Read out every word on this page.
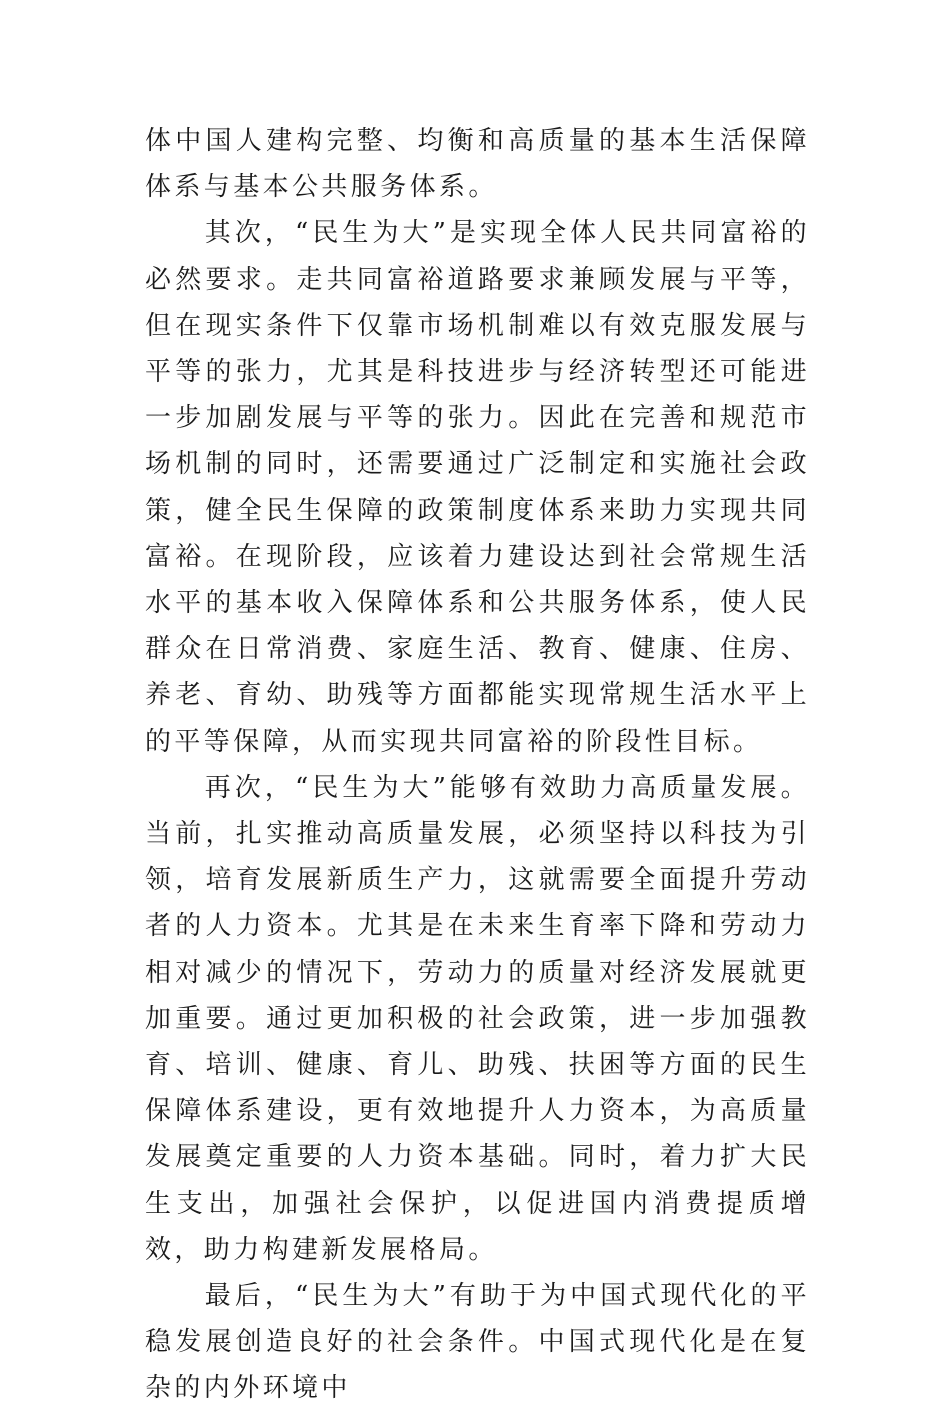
体中国人建构完整、均衡和高质量的基本生活保障体系与基本公共服务体系。

其次，“民生为大”是实现全体人民共同富裕的必然要求。走共同富裕道路要求兼顾发展与平等，但在现实条件下仅靠市场机制难以有效克服发展与平等的张力，尤其是科技进步与经济转型还可能进一步加剧发展与平等的张力。因此在完善和规范市场机制的同时，还需要通过广泛制定和实施社会政策，健全民生保障的政策制度体系来助力实现共同富裕。在现阶段，应该着力建设达到社会常规生活水平的基本收入保障体系和公共服务体系，使人民群众在日常消费、家庭生活、教育、健康、住房、养老、育幼、助残等方面都能实现常规生活水平上的平等保障，从而实现共同富裕的阶段性目标。

再次，“民生为大”能够有效助力高质量发展。当前，扎实推动高质量发展，必须坚持以科技为引领，培育发展新质生产力，这就需要全面提升劳动者的人力资本。尤其是在未来生育率下降和劳动力相对减少的情况下，劳动力的质量对经济发展就更加重要。通过更加积极的社会政策，进一步加强教育、培训、健康、育儿、助残、扶困等方面的民生保障体系建设，更有效地提升人力资本，为高质量发展奠定重要的人力资本基础。同时，着力扩大民生支出，加强社会保护，以促进国内消费提质增效，助力构建新发展格局。

最后，“民生为大”有助于为中国式现代化的平稳发展创造良好的社会条件。中国式现代化是在复杂的内外环境中
